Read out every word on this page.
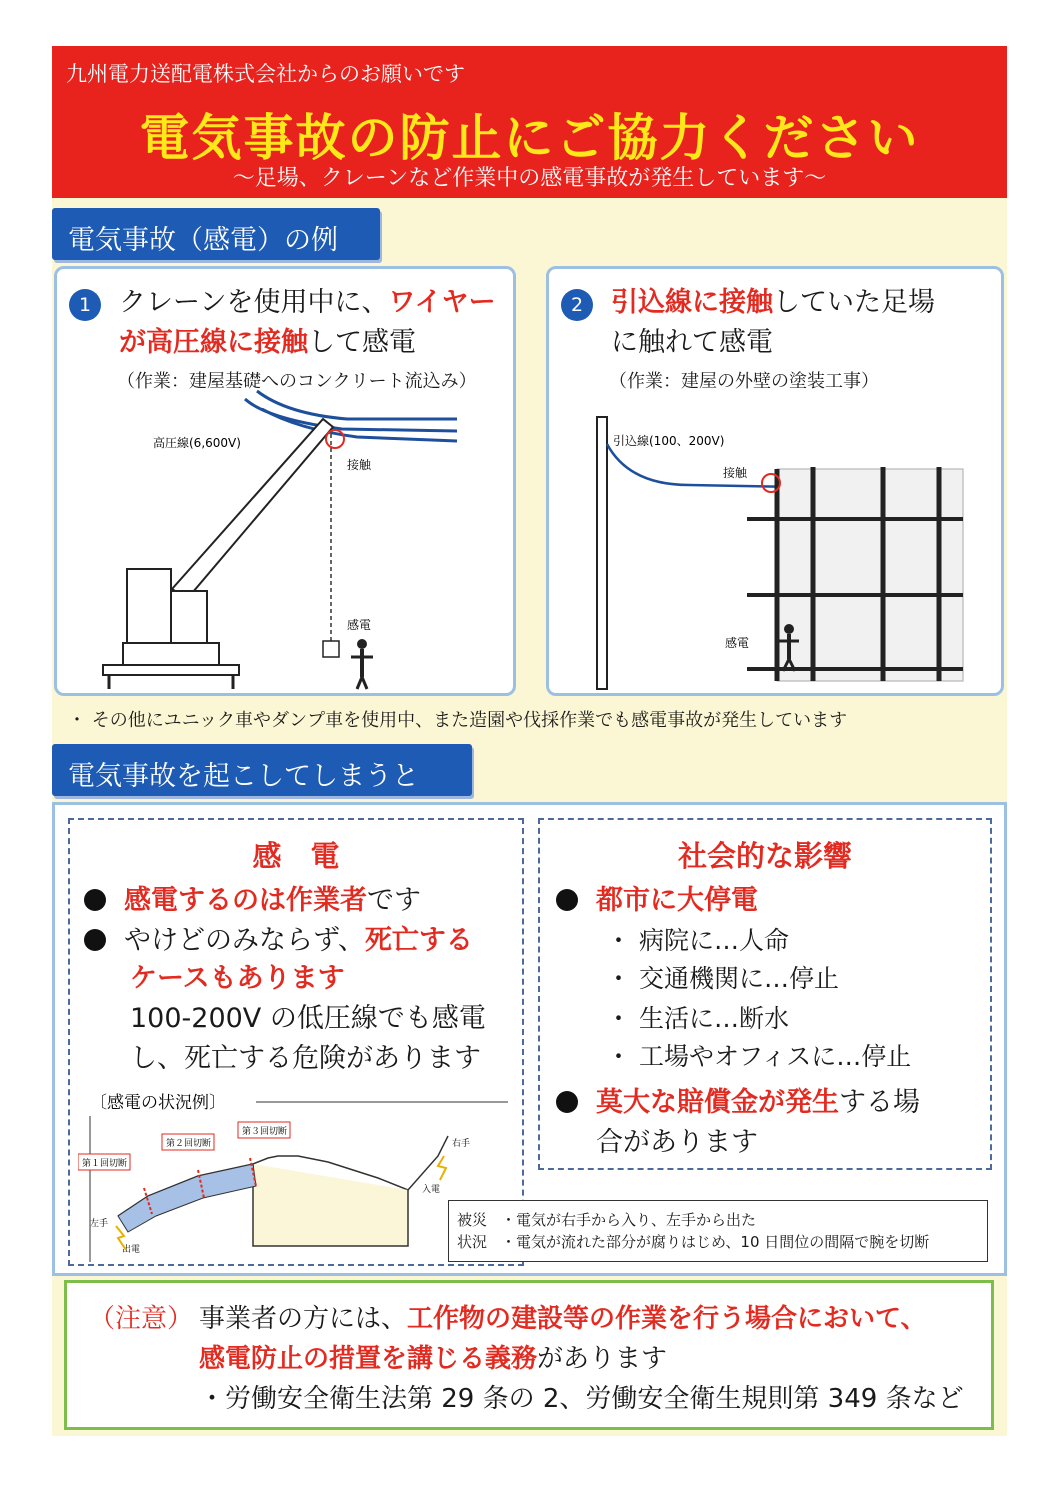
九州電力送配電株式会社からのお願いです
電気事故の防止にご協力ください
～足場、クレーンなど作業中の感電事故が発生しています～
電気事故（感電）の例
1	クレーンを使用中に、ワイヤー
が高圧線に接触して感電
（作業：建屋基礎へのコンクリート流込み）
高圧線(6,600V)
接触
感電
2	引込線に接触していた足場
に触れて感電
（作業：建屋の外壁の塗装工事）
引込線(100、200V)
接触
感電
・ その他にユニック車やダンプ車を使用中、また造園や伐採作業でも感電事故が発生しています
電気事故を起こしてしまうと
感　電
感電するのは作業者です
やけどのみならず、死亡する
ケースもあります
100-200V の低圧線でも感電
し、死亡する危険があります
社会的な影響
都市に大停電
・ 病院に…人命
・ 交通機関に…停止
・ 生活に…断水
・ 工場やオフィスに…停止
莫大な賠償金が発生する場
合があります
〔感電の状況例〕
第１回切断
第２回切断
第３回切断
左手
出電
右手
入電
被災
状況
・電気が右手から入り、左手から出た
・電気が流れた部分が腐りはじめ、10 日間位の間隔で腕を切断
（注意） 事業者の方には、工作物の建設等の作業を行う場合において、
感電防止の措置を講じる義務があります
・労働安全衛生法第 29 条の 2、労働安全衛生規則第 349 条など
